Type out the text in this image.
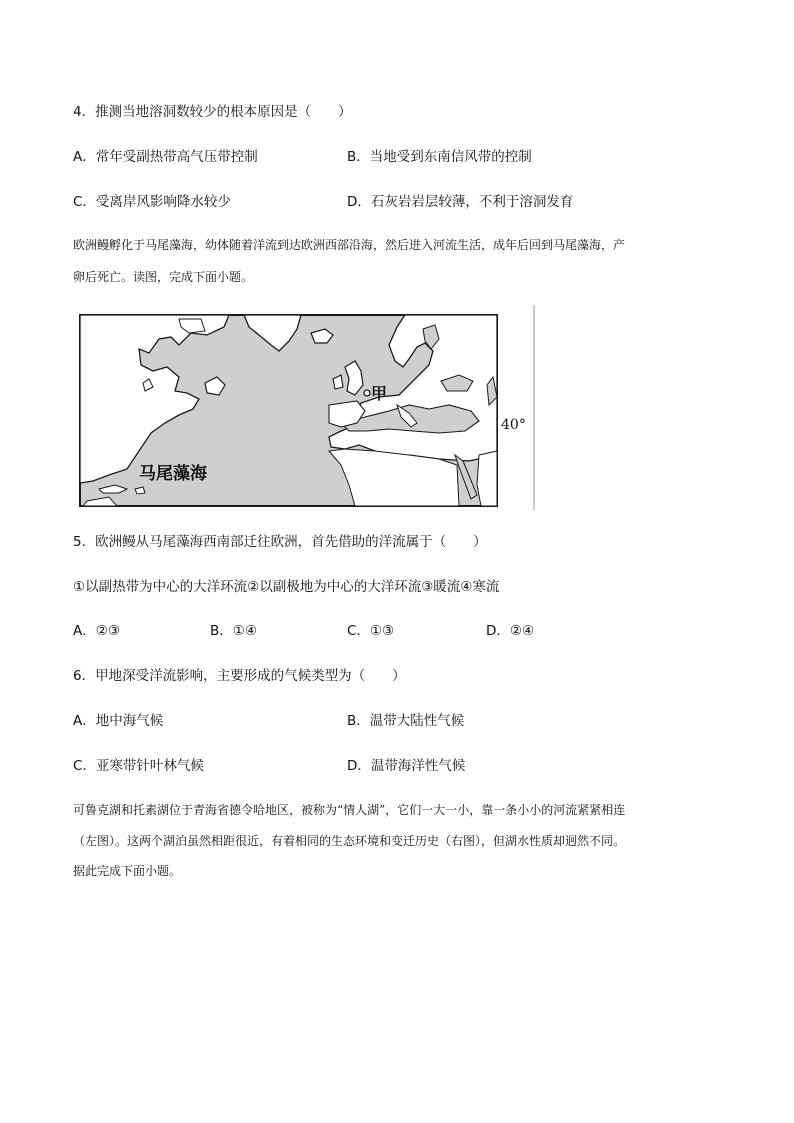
4．推测当地溶洞数较少的根本原因是（　　）
A．常年受副热带高气压带控制	B．当地受到东南信风带的控制
C．受离岸风影响降水较少	D．石灰岩岩层较薄，不利于溶洞发育
欧洲鳗孵化于马尾藻海，幼体随着洋流到达欧洲西部沿海，然后进入河流生活，成年后回到马尾藻海，产
卵后死亡。读图，完成下面小题。
甲
马尾藻海
40°
5．欧洲鳗从马尾藻海西南部迁往欧洲，首先借助的洋流属于（　　）
①以副热带为中心的大洋环流②以副极地为中心的大洋环流③暖流④寒流
A．②③	B．①④	C．①③	D．②④
6．甲地深受洋流影响，主要形成的气候类型为（　　）
A．地中海气候	B．温带大陆性气候
C．亚寒带针叶林气候	D．温带海洋性气候
可鲁克湖和托素湖位于青海省德令哈地区，被称为“情人湖”，它们一大一小，靠一条小小的河流紧紧相连
（左图）。这两个湖泊虽然相距很近，有着相同的生态环境和变迁历史（右图），但湖水性质却迥然不同。
据此完成下面小题。
